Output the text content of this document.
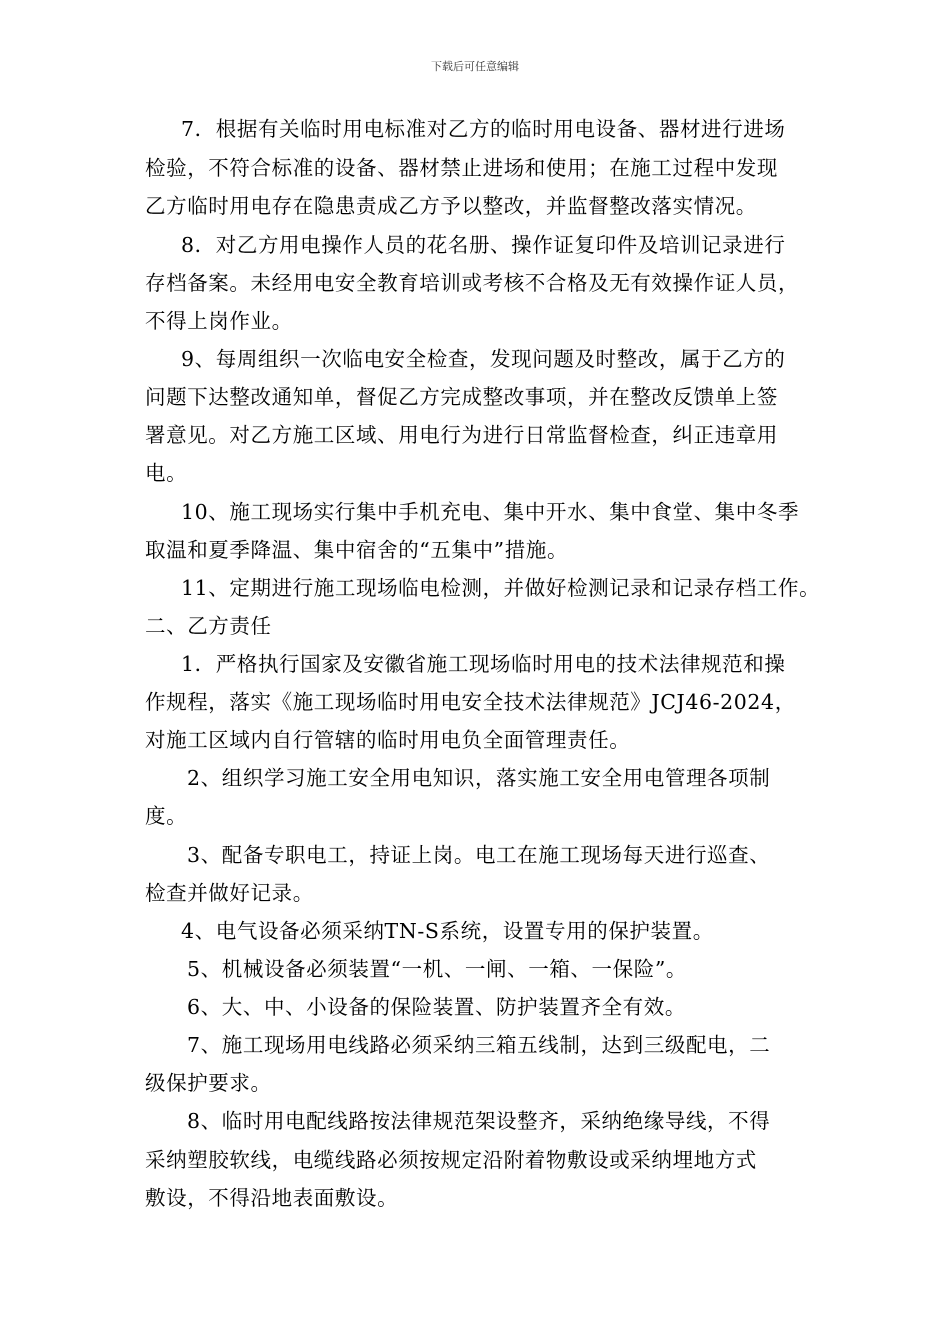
下载后可任意编辑
7．根据有关临时用电标准对乙方的临时用电设备、器材进行进场
检验，不符合标准的设备、器材禁止进场和使用；在施工过程中发现
乙方临时用电存在隐患责成乙方予以整改，并监督整改落实情况。
8．对乙方用电操作人员的花名册、操作证复印件及培训记录进行
存档备案。未经用电安全教育培训或考核不合格及无有效操作证人员，
不得上岗作业。
9、每周组织一次临电安全检查，发现问题及时整改，属于乙方的
问题下达整改通知单，督促乙方完成整改事项，并在整改反馈单上签
署意见。对乙方施工区域、用电行为进行日常监督检查，纠正违章用
电。
10、施工现场实行集中手机充电、集中开水、集中食堂、集中冬季
取温和夏季降温、集中宿舍的“五集中”措施。
11、定期进行施工现场临电检测，并做好检测记录和记录存档工作。
二、乙方责任
1．严格执行国家及安徽省施工现场临时用电的技术法律规范和操
作规程，落实《施工现场临时用电安全技术法律规范》JCJ46-2024，
对施工区域内自行管辖的临时用电负全面管理责任。
2、组织学习施工安全用电知识，落实施工安全用电管理各项制
度。
3、配备专职电工，持证上岗。电工在施工现场每天进行巡查、
检查并做好记录。
4、电气设备必须采纳TN-S系统，设置专用的保护装置。
5、机械设备必须装置“一机、一闸、一箱、一保险”。
6、大、中、小设备的保险装置、防护装置齐全有效。
7、施工现场用电线路必须采纳三箱五线制，达到三级配电，二
级保护要求。
8、临时用电配线路按法律规范架设整齐，采纳绝缘导线，不得
采纳塑胶软线，电缆线路必须按规定沿附着物敷设或采纳埋地方式
敷设，不得沿地表面敷设。
